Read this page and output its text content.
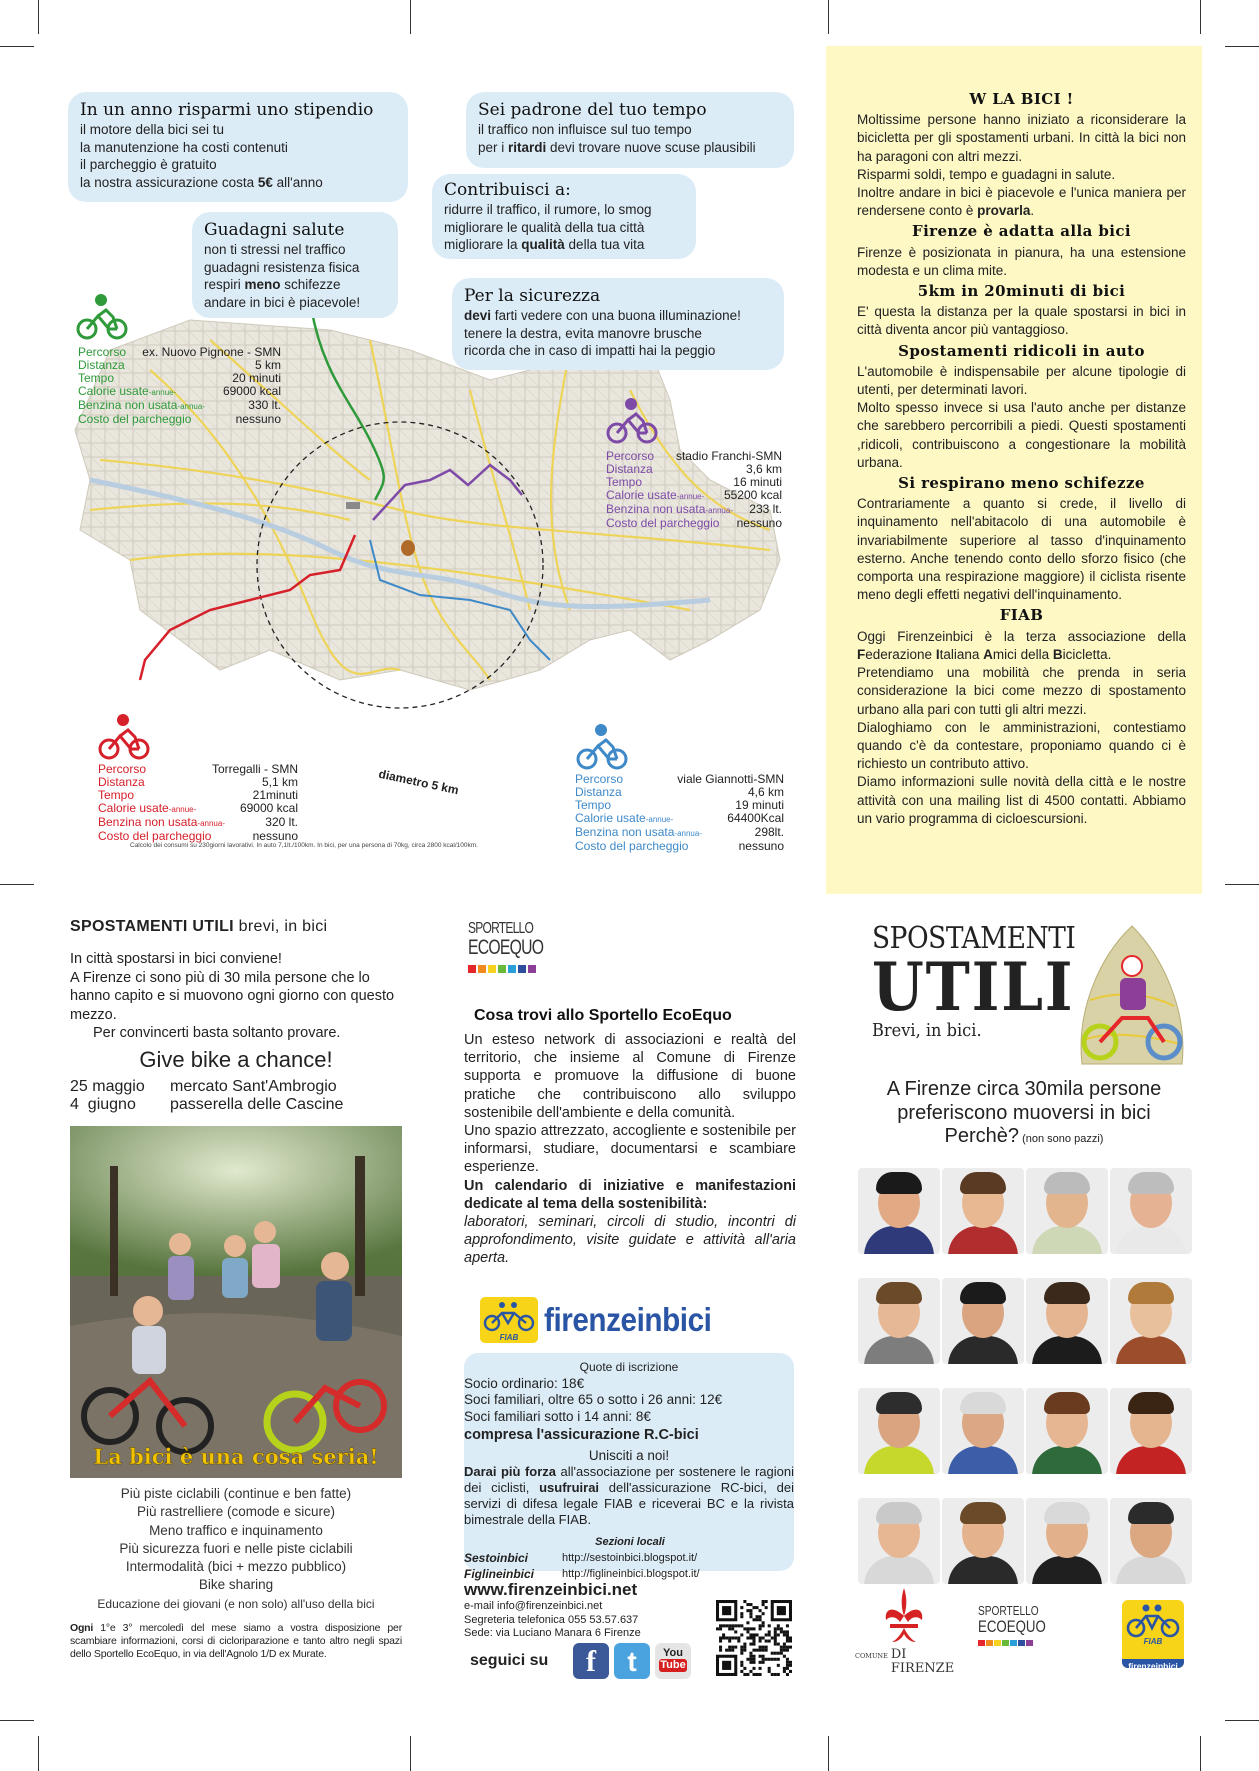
diametro 5 km
Calcolo dei consumi su 230giorni lavorativi. In auto 7,1lt./100km. In bici, per una persona di 70kg, circa 2800 kcal/100km.
Percorso ex. Nuovo Pignone - SMN
Distanza	5 km
Tempo	20 minuti
Calorie usate-annue-	69000 kcal
Benzina non usata-annua-	330 lt.
Costo del parcheggio	nessuno
Percorso stadio Franchi-SMN
Distanza	3,6 km
Tempo	16 minuti
Calorie usate-annue- 55200 kcal
Benzina non usata-annua- 233 lt.
Costo del parcheggio nessuno
Percorso	Torregalli - SMN
Distanza	5,1 km
Tempo	21minuti
Calorie usate-annue-	69000 kcal
Benzina non usata-annua-	320 lt.
Costo del parcheggio	nessuno
Percorso	viale Giannotti-SMN
Distanza	4,6 km
Tempo	19 minuti
Calorie usate-annue-	64400Kcal
Benzina non usata-annua-	298lt.
Costo del parcheggio	nessuno
In un anno risparmi uno stipendio

il motore della bici sei tu

la manutenzione ha costi contenuti

il parcheggio è gratuito

la nostra assicurazione costa 5€ all'anno

Sei padrone del tuo tempo

il traffico non influisce sul tuo tempo

per i ritardi devi trovare nuove scuse plausibili

Contribuisci a:

ridurre il traffico, il rumore, lo smog

migliorare le qualità della tua città

migliorare la qualità della tua vita

Guadagni salute

non ti stressi nel traffico

guadagni resistenza fisica

respiri meno schifezze

andare in bici è piacevole!	Per la sicurezza

devi farti vedere con una buona illuminazione!

tenere la destra, evita manovre brusche

ricorda che in caso di impatti hai la peggio

W LA BICI !

Moltissime persone hanno iniziato a riconsiderare la bicicletta per gli spostamenti urbani. In città la bici non ha paragoni con altri mezzi.
Risparmi soldi, tempo e guadagni in salute.
Inoltre andare in bici è piacevole e l'unica maniera per rendersene conto è provarla.

Firenze è adatta alla bici

Firenze è posizionata in pianura, ha una estensione modesta e un clima mite.

5km in 20minuti di bici

E' questa la distanza per la quale spostarsi in bici in città diventa ancor più vantaggioso.

Spostamenti ridicoli in auto

L'automobile è indispensabile per alcune tipologie di utenti, per determinati lavori.
Molto spesso invece si usa l'auto anche per distanze che sarebbero percorribili a piedi. Questi spostamenti ,ridicoli, contribuiscono a congestionare la mobilità urbana.

Si respirano meno schifezze

Contrariamente a quanto si crede, il livello di inquinamento nell'abitacolo di una automobile è invariabilmente superiore al tasso d'inquinamento esterno. Anche tenendo conto dello sforzo fisico (che comporta una respirazione maggiore) il ciclista risente meno degli effetti negativi dell'inquinamento.

FIAB

Oggi Firenzeinbici è la terza associazione della Federazione Italiana Amici della Bicicletta.

Pretendiamo una mobilità che prenda in seria considerazione la bici come mezzo di spostamento urbano alla pari con tutti gli altri mezzi.
Dialoghiamo con le amministrazioni, contestiamo quando c'è da contestare, proponiamo quando ci è richiesto un contributo attivo.
Diamo informazioni sulle novità della città e le nostre attività con una mailing list di 4500 contatti. Abbiamo un vario programma di cicloescursioni.

SPOSTAMENTI UTILI brevi, in bici
In città spostarsi in bici conviene!
A Firenze ci sono più di 30 mila persone che lo hanno capito e si muovono ogni giorno con questo mezzo.
Per convincerti basta soltanto provare.
Give bike a chance!
25 maggio	mercato Sant'Ambrogio
4  giugno	passerella delle Cascine
La bici è una cosa seria!
Più piste ciclabili (continue e ben fatte)
Più rastrelliere (comode e sicure)
Meno traffico e inquinamento
Più sicurezza fuori e nelle piste ciclabili
Intermodalità (bici + mezzo pubblico)
Bike sharing
Educazione dei giovani (e non solo) all'uso della bici
Ogni 1°e 3° mercoledì del mese siamo a vostra disposizione per scambiare informazioni, corsi di cicloriparazione e tanto altro negli spazi dello Sportello EcoEquo, in via dell'Agnolo 1/D ex Murate.
SPORTELLO
ECOEQUO
Cosa trovi allo Sportello EcoEquo

Un esteso network di associazioni e realtà del territorio, che insieme al Comune di Firenze supporta e promuove la diffusione di buone pratiche che contribuiscono allo sviluppo sostenibile dell'ambiente e della comunità.

Uno spazio attrezzato, accogliente e sostenibile per informarsi, studiare, documentarsi e scambiare esperienze.

Un calendario di iniziative e manifestazioni dedicate al tema della sostenibilità:

laboratori, seminari, circoli di studio, incontri di approfondimento, visite guidate e attività all'aria aperta.

FIAB firenzeinbici
Quote di iscrizione
Socio ordinario: 18€
Soci familiari, oltre 65 o sotto i 26 anni: 12€
Soci familiari sotto i 14 anni: 8€
compresa l'assicurazione R.C-bici
Unisciti a noi!
Darai più forza all'associazione per sostenere le ragioni dei ciclisti, usufruirai dell'assicurazione RC-bici, dei servizi di difesa legale FIAB e riceverai BC e la rivista bimestrale della FIAB.
Sezioni locali
Sestoinbici	http://sestoinbici.blogspot.it/
Figlineinbici	http://figlineinbici.blogspot.it/
www.firenzeinbici.net
e-mail info@firenzeinbici.net
Segreteria telefonica 055 53.57.637
Sede: via Luciano Manara 6 Firenze
seguici su	f	t	You
Tube
SPOSTAMENTI
UTILI
Brevi, in bici.
A Firenze circa 30mila persone preferiscono muoversi in bici
Perchè? (non sono pazzi)
COMUNE DI FIRENZE
SPORTELLO
ECOEQUO
FIAB
firenzeinbici
